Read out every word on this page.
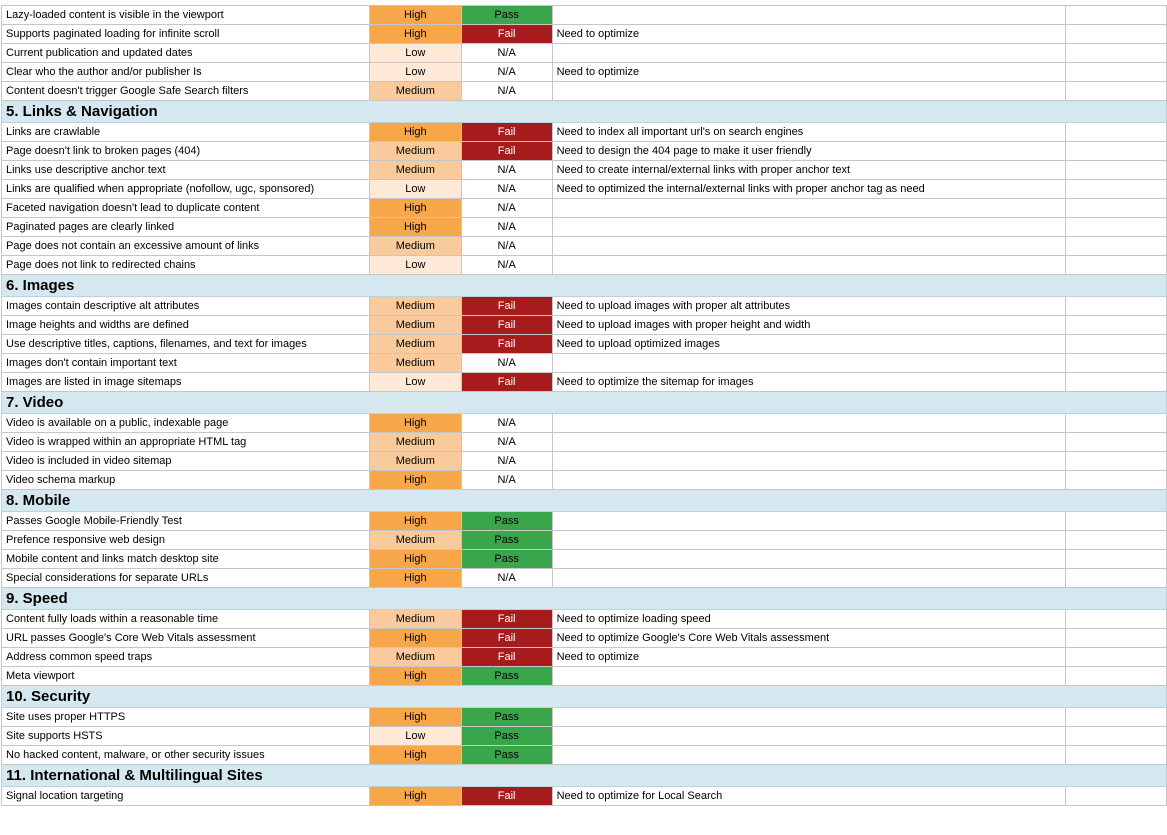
Lazy-loaded content is visible in the viewport	High	Pass		
Supports paginated loading for infinite scroll	High	Fail	Need to optimize	
Current publication and updated dates	Low	N/A		
Clear who the author and/or publisher Is	Low	N/A	Need to optimize	
Content doesn't trigger Google Safe Search filters	Medium	N/A		
5. Links & Navigation				
Links are crawlable	High	Fail	Need to index all important url's on search engines	
Page doesn't link to broken pages (404)	Medium	Fail	Need to design the 404 page to make it user friendly	
Links use descriptive anchor text	Medium	N/A	Need to create internal/external links with proper anchor text	
Links are qualified when appropriate (nofollow, ugc, sponsored)	Low	N/A	Need to optimized the internal/external links with proper anchor tag as need	
Faceted navigation doesn't lead to duplicate content	High	N/A		
Paginated pages are clearly linked	High	N/A		
Page does not contain an excessive amount of links	Medium	N/A		
Page does not link to redirected chains	Low	N/A		
6. Images				
Images contain descriptive alt attributes	Medium	Fail	Need to upload images with proper alt attributes	
Image heights and widths are defined	Medium	Fail	Need to upload images with proper height and width	
Use descriptive titles, captions, filenames, and text for images	Medium	Fail	Need to upload optimized images	
Images don't contain important text	Medium	N/A		
Images are listed in image sitemaps	Low	Fail	Need to optimize the sitemap for images	
7. Video				
Video is available on a public, indexable page	High	N/A		
Video is wrapped within an appropriate HTML tag	Medium	N/A		
Video is included in video sitemap	Medium	N/A		
Video schema markup	High	N/A		
8. Mobile				
Passes Google Mobile-Friendly Test	High	Pass		
Prefence responsive web design	Medium	Pass		
Mobile content and links match desktop site	High	Pass		
Special considerations for separate URLs	High	N/A		
9. Speed				
Content fully loads within a reasonable time	Medium	Fail	Need to optimize loading speed	
URL passes Google's Core Web Vitals assessment	High	Fail	Need to optimize Google's Core Web Vitals assessment	
Address common speed traps	Medium	Fail	Need to optimize	
Meta viewport	High	Pass		
10. Security				
Site uses proper HTTPS	High	Pass		
Site supports HSTS	Low	Pass		
No hacked content, malware, or other security issues	High	Pass		
11. International & Multilingual Sites				
Signal location targeting	High	Fail	Need to optimize for Local Search	
